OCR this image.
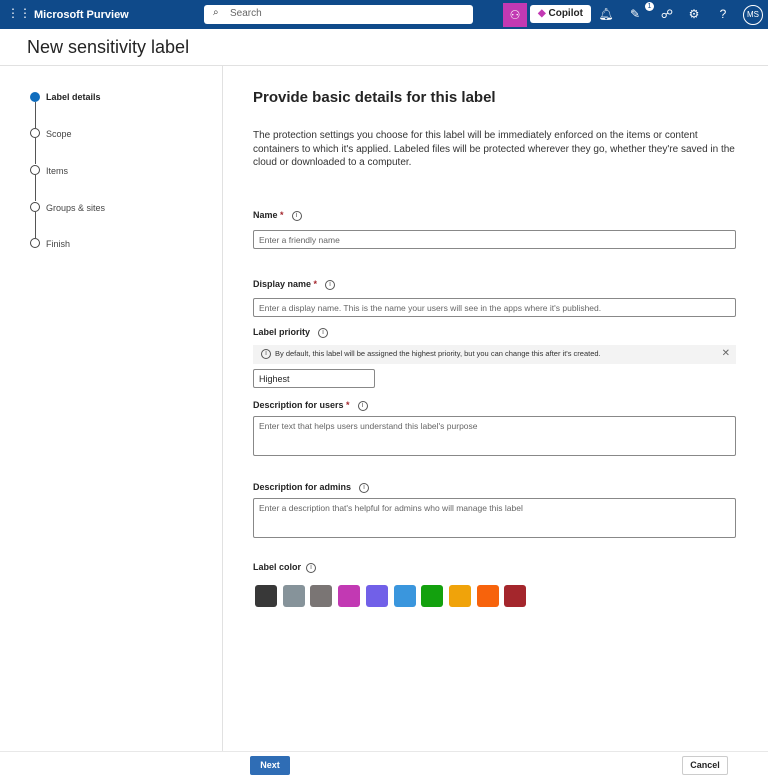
⋮⋮ Microsoft Purview	⌕ Search	⚇	◆ Copilot	🔔︎ ✎
1
☍ ⚙	?	MS
New sensitivity label
Label details
Scope
Items
Groups & sites
Finish
Provide basic details for this label
The protection settings you choose for this label will be immediately enforced on the items or content containers to which it's applied. Labeled files will be protected wherever they go, whether they're saved in the cloud or downloaded to a computer.
Name * i
Enter a friendly name
Display name * i
Enter a display name. This is the name your users will see in the apps where it's published.
Label priority i
i By default, this label will be assigned the highest priority, but you can change this after it's created.	✕
Highest
Description for users * i
Enter text that helps users understand this label's purpose
Description for admins i
Enter a description that's helpful for admins who will manage this label
Label color i
Next	Cancel
